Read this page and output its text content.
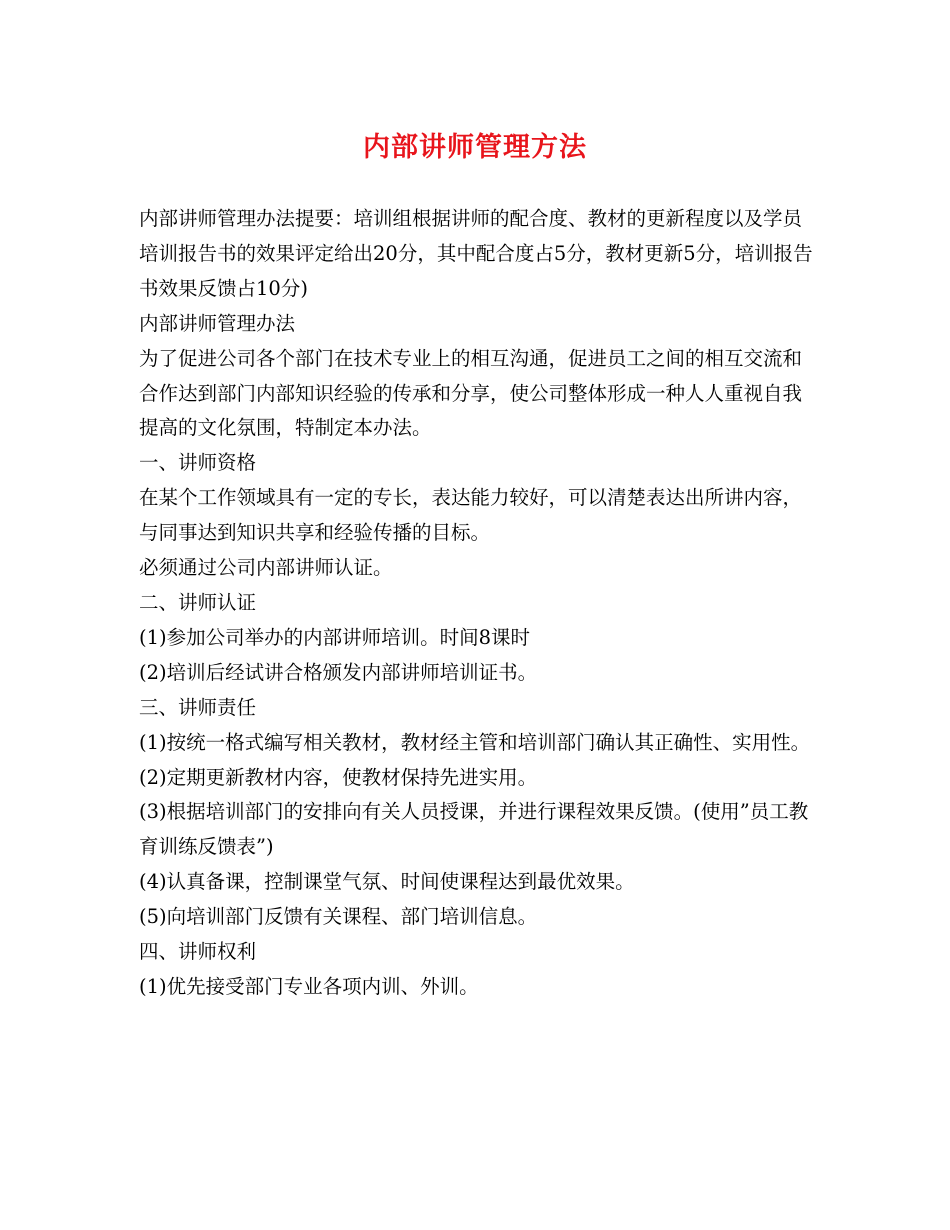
内部讲师管理方法

内部讲师管理办法提要：培训组根据讲师的配合度、教材的更新程度以及学员培训报告书的效果评定给出20分，其中配合度占5分，教材更新5分，培训报告书效果反馈占10分)

内部讲师管理办法

为了促进公司各个部门在技术专业上的相互沟通，促进员工之间的相互交流和合作达到部门内部知识经验的传承和分享，使公司整体形成一种人人重视自我提高的文化氛围，特制定本办法。

一、讲师资格

在某个工作领域具有一定的专长，表达能力较好，可以清楚表达出所讲内容，与同事达到知识共享和经验传播的目标。

必须通过公司内部讲师认证。

二、讲师认证

(1)参加公司举办的内部讲师培训。时间8课时

(2)培训后经试讲合格颁发内部讲师培训证书。

三、讲师责任

(1)按统一格式编写相关教材，教材经主管和培训部门确认其正确性、实用性。

(2)定期更新教材内容，使教材保持先进实用。

(3)根据培训部门的安排向有关人员授课，并进行课程效果反馈。(使用”员工教

育训练反馈表”)

(4)认真备课，控制课堂气氛、时间使课程达到最优效果。

(5)向培训部门反馈有关课程、部门培训信息。

四、讲师权利

(1)优先接受部门专业各项内训、外训。
